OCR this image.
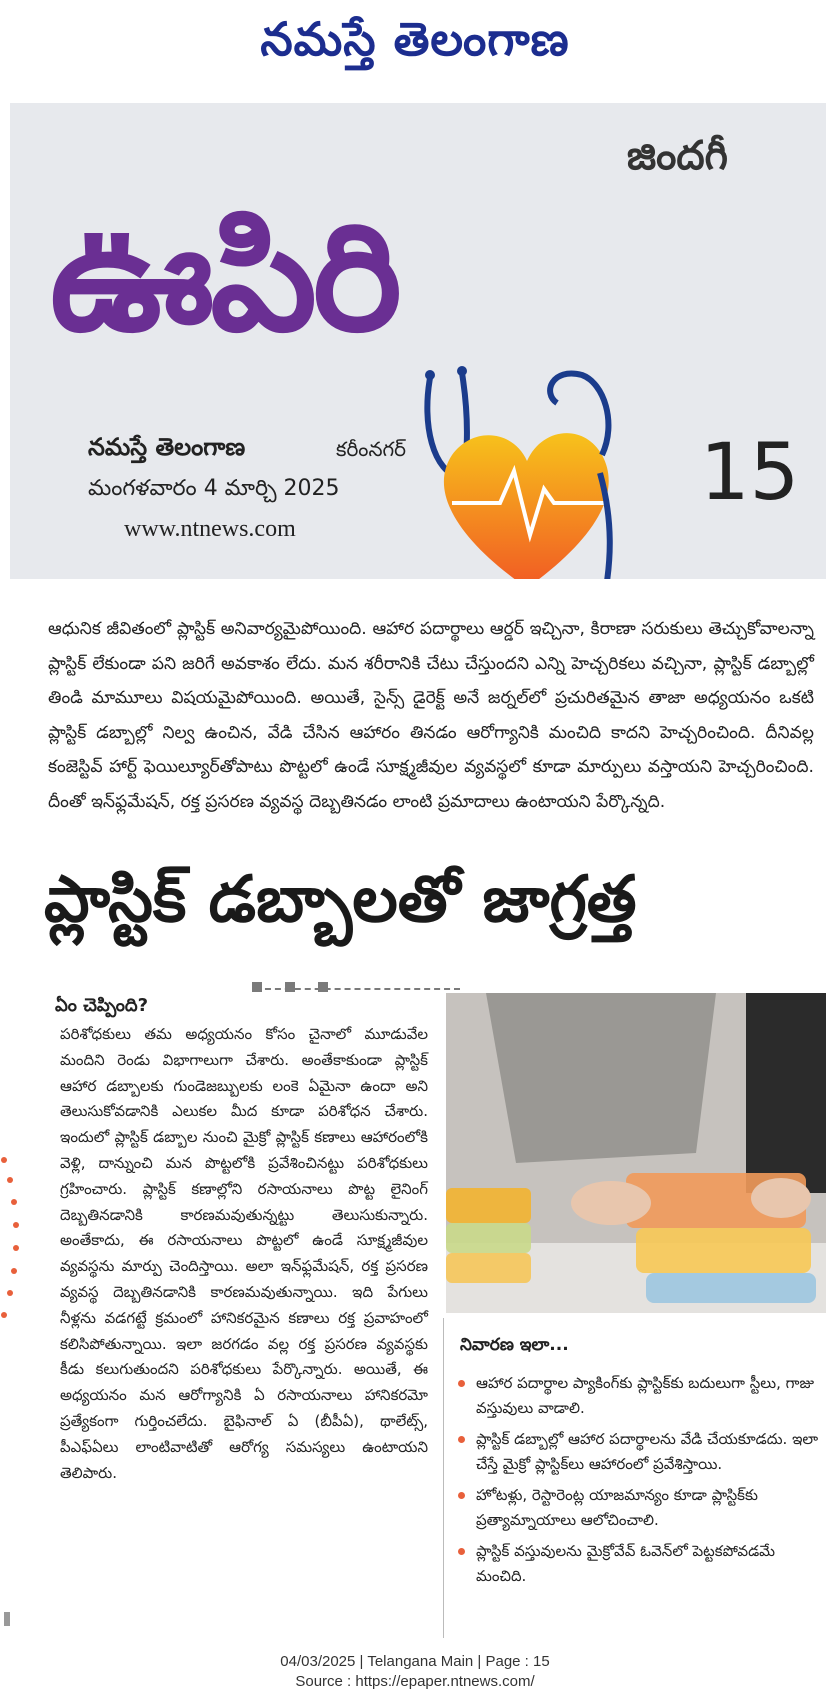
నమస్తే తెలంగాణ
జిందగీ
ఊపిరి
నమస్తే తెలంగాణ	కరీంనగర్
మంగళవారం 4 మార్చి 2025
www.ntnews.com
15

ఆధునిక జీవితంలో ప్లాస్టిక్ అనివార్యమైపోయింది. ఆహార పదార్థాలు ఆర్డర్ ఇచ్చినా, కిరాణా సరుకులు తెచ్చుకోవాలన్నా ప్లాస్టిక్ లేకుండా పని జరిగే అవకాశం లేదు. మన శరీరానికి చేటు చేస్తుందని ఎన్ని హెచ్చరికలు వచ్చినా, ప్లాస్టిక్ డబ్బాల్లో తిండి మామూలు విషయమైపోయింది. అయితే, సైన్స్ డైరెక్ట్ అనే జర్నల్‌లో ప్రచురితమైన తాజా అధ్యయనం ఒకటి ప్లాస్టిక్ డబ్బాల్లో నిల్వ ఉంచిన, వేడి చేసిన ఆహారం తినడం ఆరోగ్యానికి మంచిది కాదని హెచ్చరించింది. దీనివల్ల కంజెస్టివ్ హార్ట్ ఫెయిల్యూర్‌తోపాటు పొట్టలో ఉండే సూక్ష్మజీవుల వ్యవస్థలో కూడా మార్పులు వస్తాయని హెచ్చరించింది. దీంతో ఇన్‌ఫ్లమేషన్, రక్త ప్రసరణ వ్యవస్థ దెబ్బతినడం లాంటి ప్రమాదాలు ఉంటాయని పేర్కొన్నది.

ప్లాస్టిక్ డబ్బాలతో జాగ్రత్త
ఏం చెప్పింది?

పరిశోధకులు తమ అధ్యయనం కోసం చైనాలో మూడువేల మందిని రెండు విభాగాలుగా చేశారు. అంతేకాకుండా ప్లాస్టిక్ ఆహార డబ్బాలకు గుండెజబ్బులకు లంకె ఏమైనా ఉందా అని తెలుసుకోవడానికి ఎలుకల మీద కూడా పరిశోధన చేశారు. ఇందులో ప్లాస్టిక్ డబ్బాల నుంచి మైక్రో ప్లాస్టిక్ కణాలు ఆహారంలోకి వెళ్లి, దాన్నుంచి మన పొట్టలోకి ప్రవేశించినట్టు పరిశోధకులు గ్రహించారు. ప్లాస్టిక్ కణాల్లోని రసాయనాలు పొట్ట లైనింగ్ దెబ్బతినడానికి కారణమవుతున్నట్టు తెలుసుకున్నారు. అంతేకాదు, ఈ రసాయనాలు పొట్టలో ఉండే సూక్ష్మజీవుల వ్యవస్థను మార్పు చెందిస్తాయి. అలా ఇన్‌ఫ్లమేషన్, రక్త ప్రసరణ వ్యవస్థ దెబ్బతినడానికి కారణమవుతున్నాయి. ఇది పేగులు నీళ్లను వడగట్టే క్రమంలో హానికరమైన కణాలు రక్త ప్రవాహంలో కలిసిపోతున్నాయి. ఇలా జరగడం వల్ల రక్త ప్రసరణ వ్యవస్థకు కీడు కలుగుతుందని పరిశోధకులు పేర్కొన్నారు. అయితే, ఈ అధ్యయనం మన ఆరోగ్యానికి ఏ రసాయనాలు హానికరమో ప్రత్యేకంగా గుర్తించలేదు. బైఫినాల్ ఏ (బీపీఏ), థాలేట్స్, పీఎఫ్‌ఏలు లాంటివాటితో ఆరోగ్య సమస్యలు ఉంటాయని తెలిపారు.

నివారణ ఇలా...
ఆహార పదార్థాల ప్యాకింగ్‌కు ప్లాస్టిక్‌కు బదులుగా స్టీలు, గాజు వస్తువులు వాడాలి.
ప్లాస్టిక్ డబ్బాల్లో ఆహార పదార్థాలను వేడి చేయకూడదు. ఇలా చేస్తే మైక్రో ప్లాస్టిక్‌లు ఆహారంలో ప్రవేశిస్తాయి.
హోటళ్లు, రెస్టారెంట్ల యాజమాన్యం కూడా ప్లాస్టిక్‌కు ప్రత్యామ్నాయాలు ఆలోచించాలి.
ప్లాస్టిక్ వస్తువులను మైక్రోవేవ్ ఓవెన్‌లో పెట్టకపోవడమే మంచిది.
04/03/2025 | Telangana Main | Page : 15
Source : https://epaper.ntnews.com/
